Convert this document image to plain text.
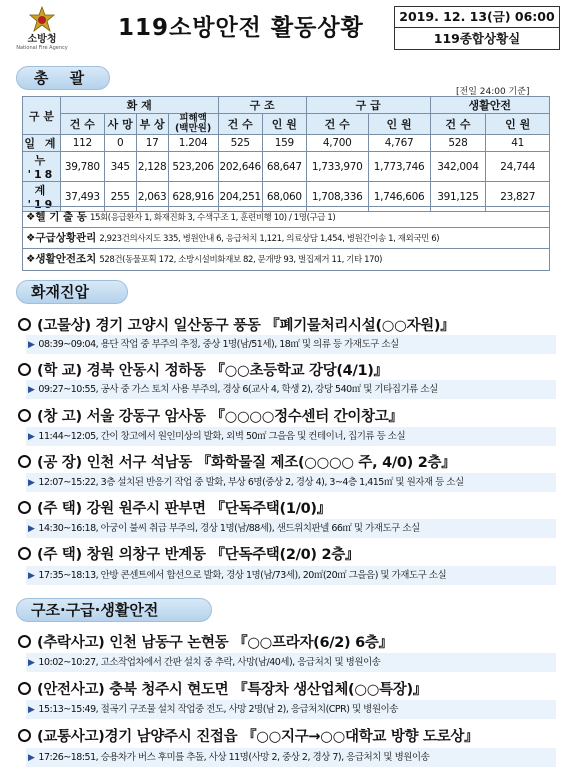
소방청
National Fire Agency
119소방안전 활동상황	2019. 12. 13(금) 06:00
119종합상황실
총 괄
[전일 24:00 기준]
구 분	화 재				구 조		구 급		생활안전	
	건 수	사 망	부 상	피해액
(백만원)	건 수	인 원	건 수	인 원	건 수	인 원
일 계	112	0	17	1.204	525	159	4,700	4,767	528	41
누 '18	39,780	345	2,128	523,206	202,646	68,647	1,733,970	1,773,746	342,004	24,744
계 '19	37,493	255	2,063	628,916	204,251	68,060	1,708,336	1,746,606	391,125	23,827
❖헬 기 출 동 15회(응급환자 1, 화재진화 3, 수색구조 1, 훈련비행 10) / 1명(구급 1)
❖구급상황관리 2,923건의사지도 335, 병원안내 6, 응급처치 1,121, 의료상담 1,454, 병원간이송 1, 재외국민 6)
❖생활안전조치 528건(동물포획 172, 소방시설비화재보 82, 문개방 93, 벌집제거 11, 기타 170)
화재진압
(고물상) 경기 고양시 일산동구 풍동 『폐기물처리시설(○○자원)』
▶ 08:39~09:04, 용단 작업 중 부주의 추정, 중상 1명(남/51세), 18㎡ 및 의류 등 가재도구 소실
(학 교) 경북 안동시 정하동 『○○초등학교 강당(4/1)』
▶ 09:27~10:55, 공사 중 가스 토치 사용 부주의, 경상 6(교사 4, 학생 2), 강당 540㎡ 및 기타집기류 소실
(창 고) 서울 강동구 암사동 『○○○○정수센터 간이창고』
▶ 11:44~12:05, 간이 창고에서 원인미상의 발화, 외벽 50㎡ 그을음 및 컨테이너, 집기류 등 소실
(공 장) 인천 서구 석남동 『화학물질 제조(○○○○ 주, 4/0) 2층』
▶ 12:07~15:22, 3층 설치된 반응기 작업 중 발화, 부상 6명(중상 2, 경상 4), 3~4층 1,415㎡ 및 원자재 등 소실
(주 택) 강원 원주시 판부면 『단독주택(1/0)』
▶ 14:30~16:18, 아궁이 불씨 취급 부주의, 경상 1명(남/88세), 샌드위치판넬 66㎡ 및 가재도구 소실
(주 택) 창원 의창구 반계동 『단독주택(2/0) 2층』
▶ 17:35~18:13, 안방 콘센트에서 합선으로 발화, 경상 1명(남/73세), 20㎡(20㎡ 그을음) 및 가재도구 소실
구조·구급·생활안전
(추락사고) 인천 남동구 논현동 『○○프라자(6/2) 6층』
▶ 10:02~10:27, 고소작업차에서 간판 설치 중 추락, 사망(남/40세), 응급처치 및 병원이송
(안전사고) 충북 청주시 현도면 『특장차 생산업체(○○특장)』
▶ 15:13~15:49, 절곡기 구조물 설치 작업중 전도, 사망 2명(남 2), 응급처치(CPR) 및 병원이송
(교통사고)경기 남양주시 진접읍 『○○지구→○○대학교 방향 도로상』
▶ 17:26~18:51, 승용차가 버스 후미를 추돌, 사상 11명(사망 2, 중상 2, 경상 7), 응급처치 및 병원이송
